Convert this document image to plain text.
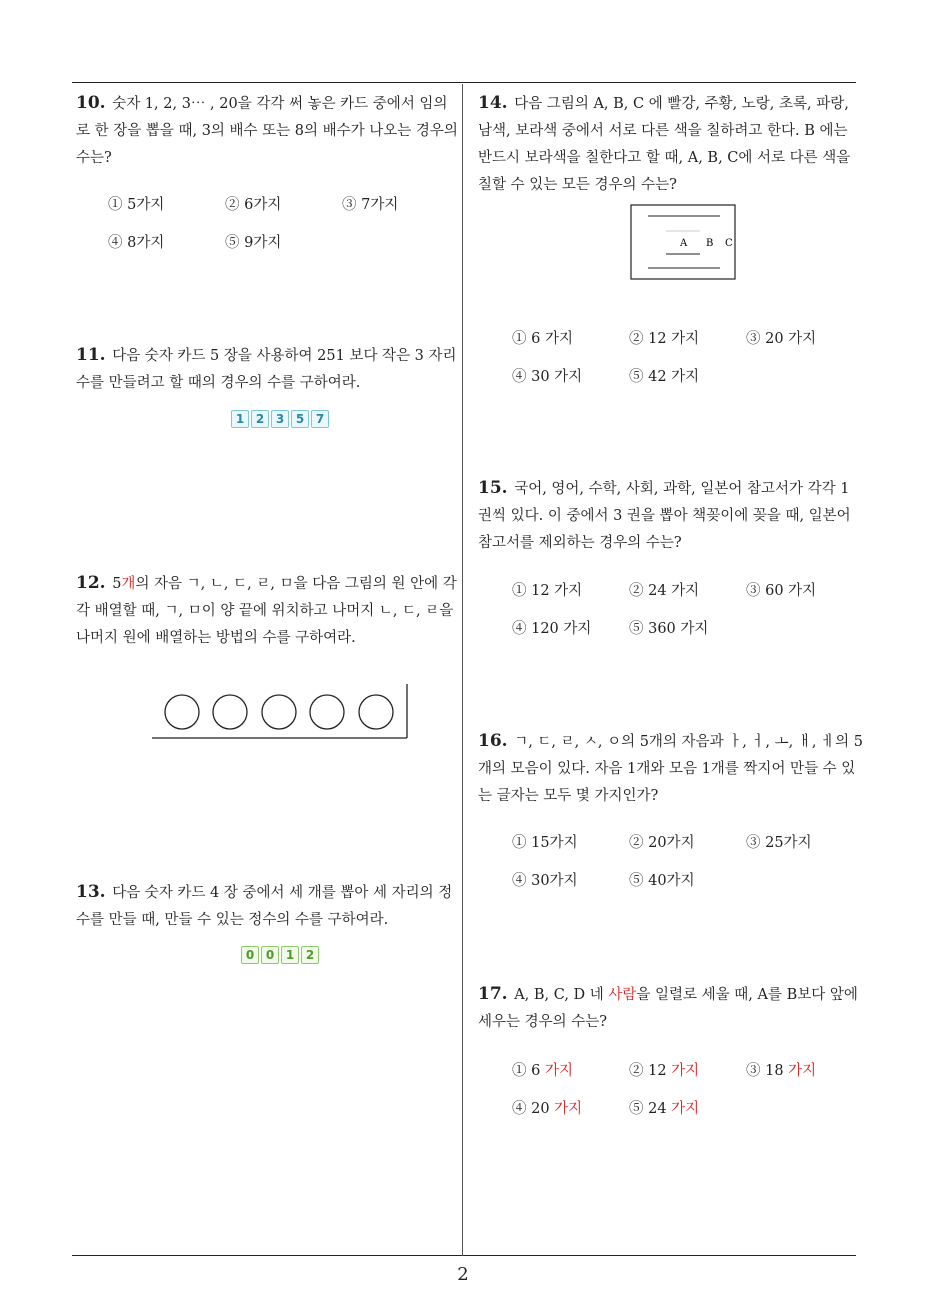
2
10. 숫자 1, 2, 3⋯ , 20을 각각 써 놓은 카드 중에서 임의로 한 장을 뽑을 때, 3의 배수 또는 8의 배수가 나오는 경우의 수는?
① 5가지	② 6가지	③ 7가지
④ 8가지	⑤ 9가지
11. 다음 숫자 카드 5 장을 사용하여 251 보다 작은 3 자리 수를 만들려고 할 때의 경우의 수를 구하여라.
1 2 3 5 7
12. 5개의 자음 ㄱ, ㄴ, ㄷ, ㄹ, ㅁ을 다음 그림의 원 안에 각각 배열할 때, ㄱ, ㅁ이 양 끝에 위치하고 나머지 ㄴ, ㄷ, ㄹ을 나머지 원에 배열하는 방법의 수를 구하여라.
13. 다음 숫자 카드 4 장 중에서 세 개를 뽑아 세 자리의 정수를 만들 때, 만들 수 있는 정수의 수를 구하여라.
0 0 1 2
14. 다음 그림의 A, B, C 에 빨강, 주황, 노랑, 초록, 파랑, 남색, 보라색 중에서 서로 다른 색을 칠하려고 한다. B 에는 반드시 보라색을 칠한다고 할 때, A, B, C에 서로 다른 색을 칠할 수 있는 모든 경우의 수는?
A B C
① 6 가지	② 12 가지	③ 20 가지
④ 30 가지	⑤ 42 가지
15. 국어, 영어, 수학, 사회, 과학, 일본어 참고서가 각각 1 권씩 있다. 이 중에서 3 권을 뽑아 책꽂이에 꽂을 때, 일본어 참고서를 제외하는 경우의 수는?
① 12 가지	② 24 가지	③ 60 가지
④ 120 가지	⑤ 360 가지
16. ㄱ, ㄷ, ㄹ, ㅅ, ㅇ의 5개의 자음과 ㅏ, ㅓ, ㅗ, ㅐ, ㅔ의 5개의 모음이 있다. 자음 1개와 모음 1개를 짝지어 만들 수 있는 글자는 모두 몇 가지인가?
① 15가지	② 20가지	③ 25가지
④ 30가지	⑤ 40가지
17. A, B, C, D 네 사람을 일렬로 세울 때, A를 B보다 앞에 세우는 경우의 수는?
① 6 가지	② 12 가지	③ 18 가지
④ 20 가지	⑤ 24 가지
